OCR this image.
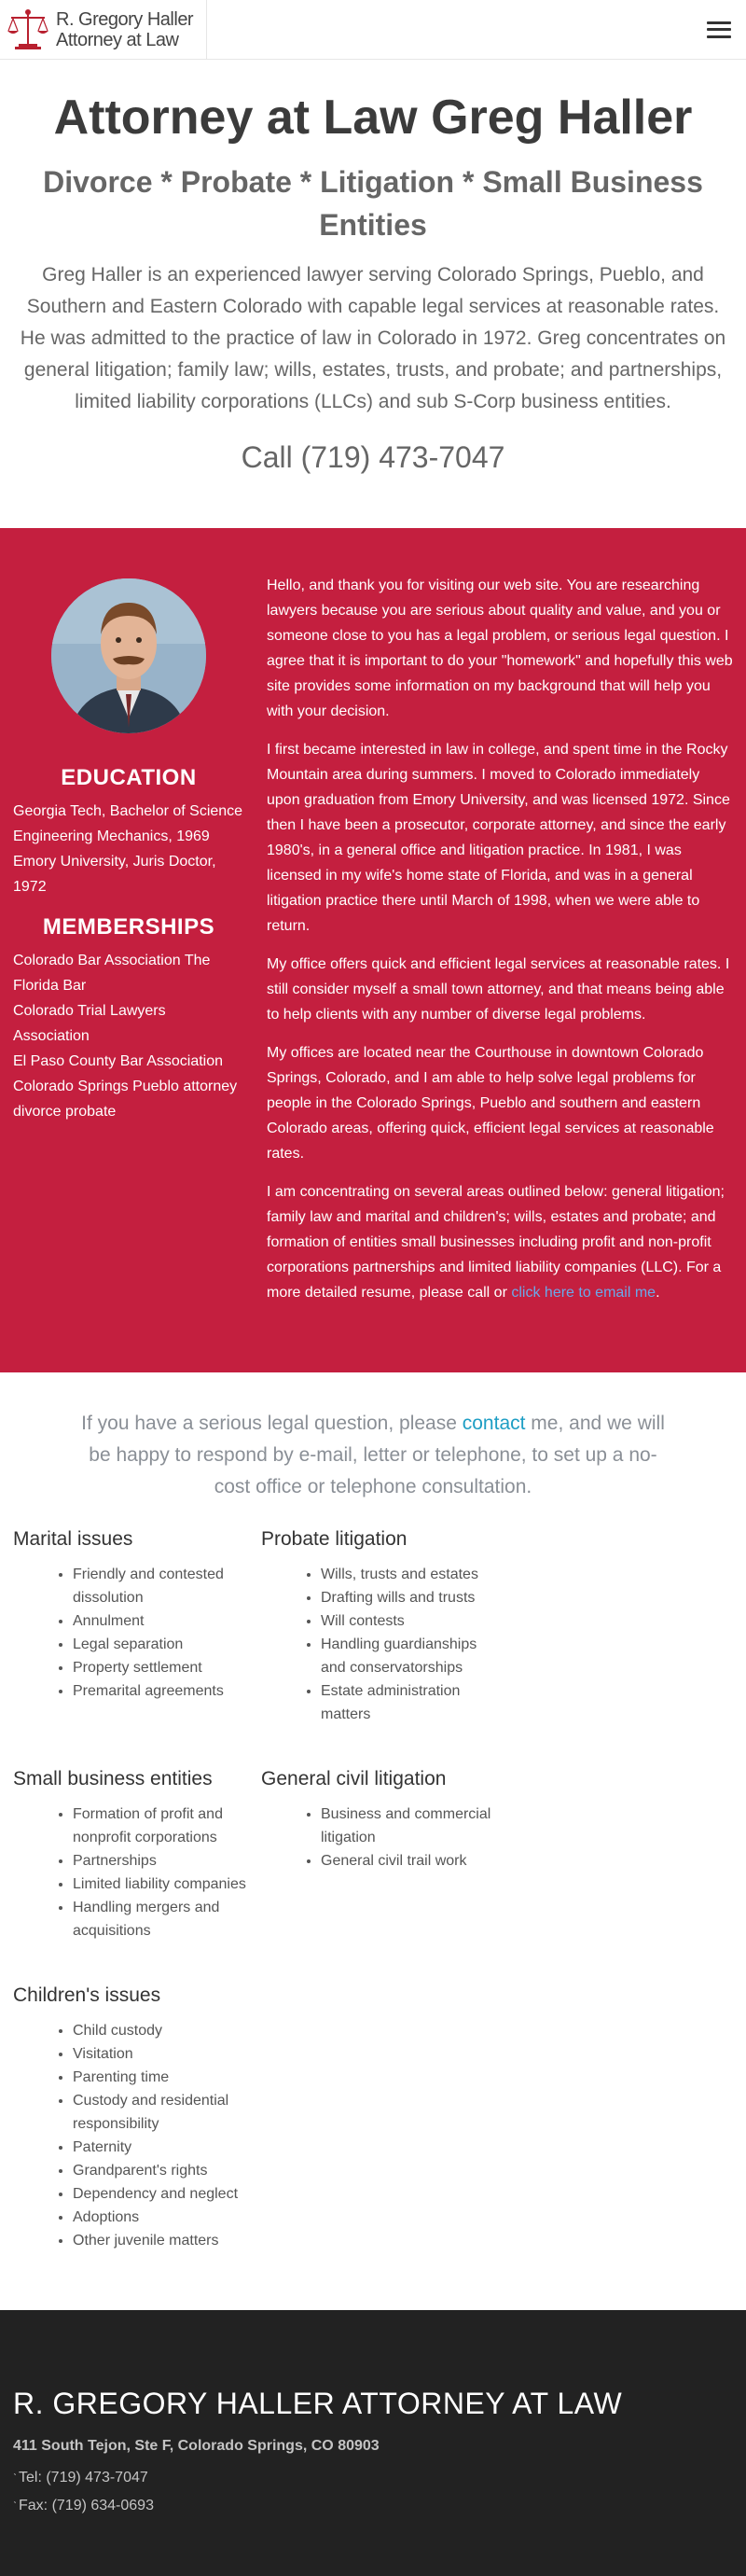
R. Gregory Haller
Attorney at Law
Attorney at Law Greg Haller
Divorce * Probate * Litigation * Small Business Entities

Greg Haller is an experienced lawyer serving Colorado Springs, Pueblo, and Southern and Eastern Colorado with capable legal services at reasonable rates. He was admitted to the practice of law in Colorado in 1972. Greg concentrates on general litigation; family law; wills, estates, trusts, and probate; and partnerships, limited liability corporations (LLCs) and sub S-Corp business entities.

Call (719) 473-7047
EDUCATION

Georgia Tech, Bachelor of Science Engineering Mechanics, 1969

Emory University, Juris Doctor, 1972

MEMBERSHIPS

Colorado Bar Association The Florida Bar

Colorado Trial Lawyers Association

El Paso County Bar Association

Colorado Springs Pueblo attorney divorce probate

Hello, and thank you for visiting our web site. You are researching lawyers because you are serious about quality and value, and you or someone close to you has a legal problem, or serious legal question. I agree that it is important to do your "homework" and hopefully this web site provides some information on my background that will help you with your decision.

I first became interested in law in college, and spent time in the Rocky Mountain area during summers. I moved to Colorado immediately upon graduation from Emory University, and was licensed 1972. Since then I have been a prosecutor, corporate attorney, and since the early 1980's, in a general office and litigation practice. In 1981, I was licensed in my wife's home state of Florida, and was in a general litigation practice there until March of 1998, when we were able to return.

My office offers quick and efficient legal services at reasonable rates. I still consider myself a small town attorney, and that means being able to help clients with any number of diverse legal problems.

My offices are located near the Courthouse in downtown Colorado Springs, Colorado, and I am able to help solve legal problems for people in the Colorado Springs, Pueblo and southern and eastern Colorado areas, offering quick, efficient legal services at reasonable rates.

I am concentrating on several areas outlined below: general litigation; family law and marital and children's; wills, estates and probate; and formation of entities small businesses including profit and non-profit corporations partnerships and limited liability companies (LLC). For a more detailed resume, please call or click here to email me.

If you have a serious legal question, please contact me, and we will be happy to respond by e-mail, letter or telephone, to set up a no-cost office or telephone consultation.
Marital issues
• Friendly and contested dissolution
• Annulment
• Legal separation
• Property settlement
• Premarital agreements
Probate litigation
• Wills, trusts and estates
• Drafting wills and trusts
• Will contests
• Handling guardianships and conservatorships
• Estate administration matters
Small business entities
• Formation of profit and nonprofit corporations
• Partnerships
• Limited liability companies
• Handling mergers and acquisitions
General civil litigation
• Business and commercial litigation
• General civil trail work
Children's issues
• Child custody
• Visitation
• Parenting time
• Custody and residential responsibility
• Paternity
• Grandparent's rights
• Dependency and neglect
• Adoptions
• Other juvenile matters
R. GREGORY HALLER ATTORNEY AT LAW
411 South Tejon, Ste F, Colorado Springs, CO 80903
ˋ Tel: (719) 473-7047
ˋ Fax: (719) 634-0693
